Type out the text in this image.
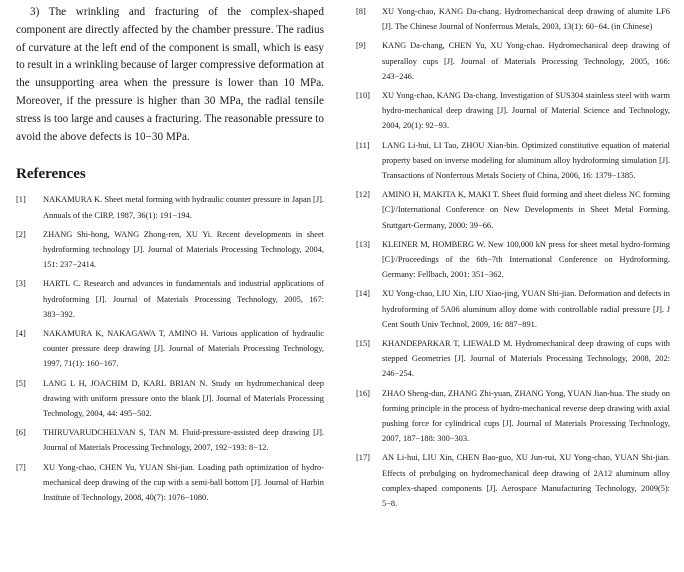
3) The wrinkling and fracturing of the complex-shaped component are directly affected by the chamber pressure. The radius of curvature at the left end of the component is small, which is easy to result in a wrinkling because of larger compressive deformation at the unsupporting area when the pressure is lower than 10 MPa. Moreover, if the pressure is higher than 30 MPa, the radial tensile stress is too large and causes a fracturing. The reasonable pressure to avoid the above defects is 10−30 MPa.

References
[1]	NAKAMURA K. Sheet metal forming with hydraulic counter pressure in Japan [J]. Annuals of the CIRP, 1987, 36(1): 191−194.
[2]	ZHANG Shi-hong, WANG Zhong-ren, XU Yi. Recent developments in sheet hydroforming technology [J]. Journal of Materials Processing Technology, 2004, 151: 237−2414.
[3]	HARTL C. Research and advances in fundamentals and industrial applications of hydroforming [J]. Journal of Materials Processing Technology, 2005, 167: 383−392.
[4]	NAKAMURA K, NAKAGAWA T, AMINO H. Various application of hydraulic counter pressure deep drawing [J]. Journal of Materials Processing Technology, 1997, 71(1): 160−167.
[5]	LANG L H, JOACHIM D, KARL BRIAN N. Study on hydromechanical deep drawing with uniform pressure onto the blank [J]. Journal of Materials Processing Technology, 2004, 44: 495−502.
[6]	THIRUVARUDCHELVAN S, TAN M. Fluid-pressure-assisted deep drawing [J]. Journal of Materials Processing Technology, 2007, 192−193: 8−12.
[7]	XU Yong-chao, CHEN Yu, YUAN Shi-jian. Loading path optimization of hydro-mechanical deep drawing of the cup with a semi-ball bottom [J]. Journal of Harbin Institute of Technology, 2008, 40(7): 1076−1080.
[8]	XU Yong-chao, KANG Da-chang. Hydromechanical deep drawing of alumite LF6 [J]. The Chinese Journal of Nonferrous Metals, 2003, 13(1): 60−64. (in Chinese)
[9]	KANG Da-chang, CHEN Yu, XU Yong-chao. Hydromechanical deep drawing of superalloy cups [J]. Journal of Materials Processing Technology, 2005, 166: 243−246.
[10]	XU Yong-chao, KANG Da-chang. Investigation of SUS304 stainless steel with warm hydro-mechanical deep drawing [J]. Journal of Material Science and Technology, 2004, 20(1): 92−93.
[11]	LANG Li-hui, LI Tao, ZHOU Xian-bin. Optimized constitutive equation of material property based on inverse modeling for aluminum alloy hydroforming simulation [J]. Transactions of Nonferrous Metals Society of China, 2006, 16: 1379−1385.
[12]	AMINO H, MAKITA K, MAKI T. Sheet fluid forming and sheet dieless NC forming [C]//International Conference on New Developments in Sheet Metal Forming. Stuttgart-Germany, 2000: 39−66.
[13]	KLEINER M, HOMBERG W. New 100,000 kN press for sheet metal hydro-forming [C]//Proceedings of the 6th−7th International Conference on Hydroforming. Germany: Fellbach, 2001: 351−362.
[14]	XU Yong-chao, LIU Xin, LIU Xiao-jing, YUAN Shi-jian. Deformation and defects in hydroforming of 5A06 aluminum alloy dome with controllable radial pressure [J]. J Cent South Univ Technol, 2009, 16: 887−891.
[15]	KHANDEPARKAR T, LIEWALD M. Hydromechanical deep drawing of cups with stepped Geometries [J]. Journal of Materials Processing Technology, 2008, 202: 246−254.
[16]	ZHAO Sheng-dun, ZHANG Zhi-yuan, ZHANG Yong, YUAN Jian-hua. The study on forming principle in the process of hydro-mechanical reverse deep drawing with axial pushing force for cylindrical cups [J]. Journal of Materials Processing Technology, 2007, 187−188: 300−303.
[17]	AN Li-hui, LIU Xin, CHEN Bao-guo, XU Jun-rui, XU Yong-chao, YUAN Shi-jian. Effects of prebulging on hydromechanical deep drawing of 2A12 aluminum alloy complex-shaped components [J]. Aerospace Manufacturing Technology, 2009(5): 5−8.
